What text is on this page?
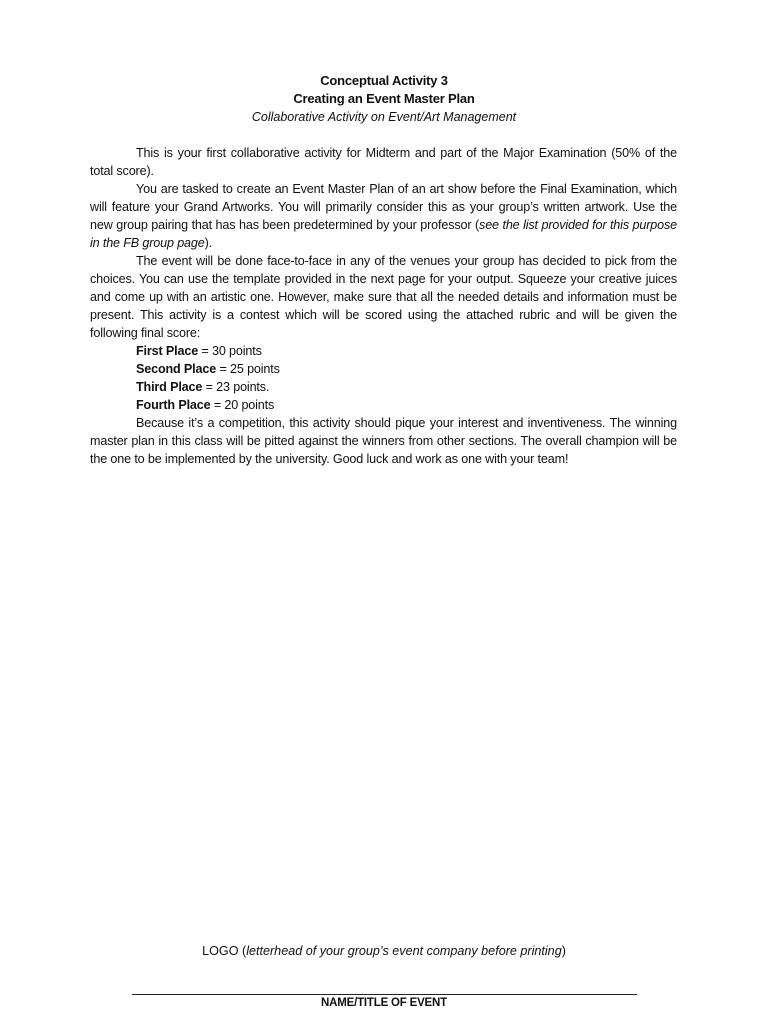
Conceptual Activity 3
Creating an Event Master Plan
Collaborative Activity on Event/Art Management

This is your first collaborative activity for Midterm and part of the Major Examination (50% of the total score).

You are tasked to create an Event Master Plan of an art show before the Final Examination, which will feature your Grand Artworks. You will primarily consider this as your group’s written artwork. Use the new group pairing that has has been predetermined by your professor (see the list provided for this purpose in the FB group page).

The event will be done face-to-face in any of the venues your group has decided to pick from the choices. You can use the template provided in the next page for your output. Squeeze your creative juices and come up with an artistic one. However, make sure that all the needed details and information must be present. This activity is a contest which will be scored using the attached rubric and will be given the following final score:

First Place = 30 points
Second Place = 25 points
Third Place = 23 points.
Fourth Place = 20 points

Because it’s a competition, this activity should pique your interest and inventiveness. The winning master plan in this class will be pitted against the winners from other sections. The overall champion will be the one to be implemented by the university. Good luck and work as one with your team!

LOGO (letterhead of your group’s event company before printing)
NAME/TITLE OF EVENT
